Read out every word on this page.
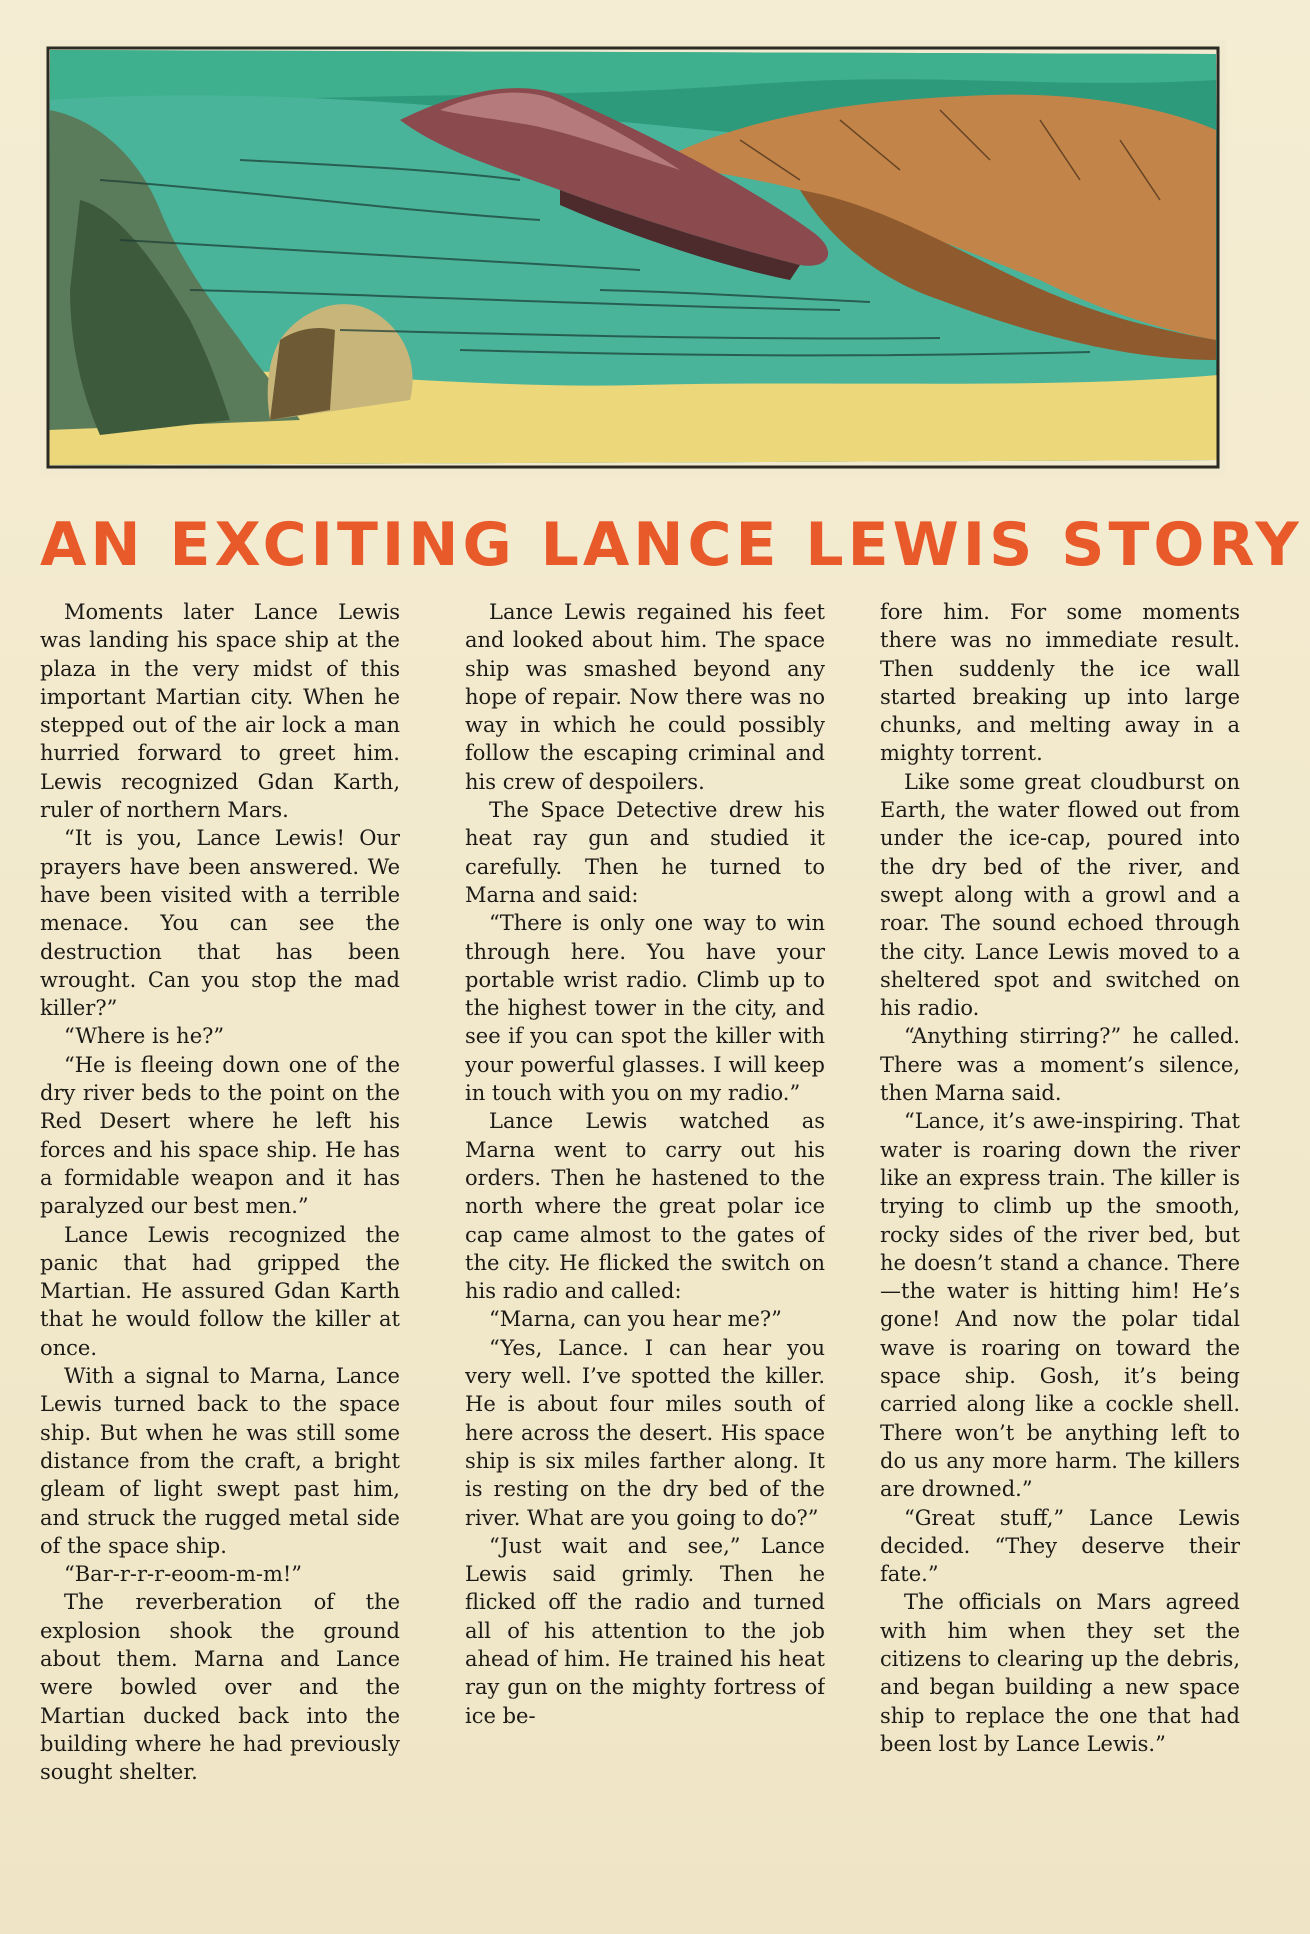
AN EXCITING LANCE LEWIS STORY

Moments later Lance Lewis was landing his space ship at the plaza in the very midst of this important Martian city. When he stepped out of the air lock a man hurried forward to greet him. Lewis recognized Gdan Karth, ruler of northern Mars.

“It is you, Lance Lewis! Our prayers have been answered. We have been visited with a terrible menace. You can see the destruction that has been wrought. Can you stop the mad killer?”

“Where is he?”

“He is fleeing down one of the dry river beds to the point on the Red Desert where he left his forces and his space ship. He has a formidable weapon and it has paralyzed our best men.”

Lance Lewis recognized the panic that had gripped the Martian. He assured Gdan Karth that he would follow the killer at once.

With a signal to Marna, Lance Lewis turned back to the space ship. But when he was still some distance from the craft, a bright gleam of light swept past him, and struck the rugged metal side of the space ship.

“Bar-r-r-r-eoom-m-m!”

The reverberation of the explosion shook the ground about them. Marna and Lance were bowled over and the Martian ducked back into the building where he had previously sought shelter.

Lance Lewis regained his feet and looked about him. The space ship was smashed beyond any hope of repair. Now there was no way in which he could possibly follow the escaping criminal and his crew of despoilers.

The Space Detective drew his heat ray gun and studied it carefully. Then he turned to Marna and said:

“There is only one way to win through here. You have your portable wrist radio. Climb up to the highest tower in the city, and see if you can spot the killer with your powerful glasses. I will keep in touch with you on my radio.”

Lance Lewis watched as Marna went to carry out his orders. Then he hastened to the north where the great polar ice cap came almost to the gates of the city. He flicked the switch on his radio and called:

“Marna, can you hear me?”

“Yes, Lance. I can hear you very well. I’ve spotted the killer. He is about four miles south of here across the desert. His space ship is six miles farther along. It is resting on the dry bed of the river. What are you going to do?”

“Just wait and see,” Lance Lewis said grimly. Then he flicked off the radio and turned all of his attention to the job ahead of him. He trained his heat ray gun on the mighty fortress of ice be-

fore him. For some moments there was no immediate result. Then suddenly the ice wall started breaking up into large chunks, and melting away in a mighty torrent.

Like some great cloudburst on Earth, the water flowed out from under the ice-cap, poured into the dry bed of the river, and swept along with a growl and a roar. The sound echoed through the city. Lance Lewis moved to a sheltered spot and switched on his radio.

“Anything stirring?” he called. There was a moment’s silence, then Marna said.

“Lance, it’s awe-inspiring. That water is roaring down the river like an express train. The killer is trying to climb up the smooth, rocky sides of the river bed, but he doesn’t stand a chance. There—the water is hitting him! He’s gone! And now the polar tidal wave is roaring on toward the space ship. Gosh, it’s being carried along like a cockle shell. There won’t be anything left to do us any more harm. The killers are drowned.”

“Great stuff,” Lance Lewis decided. “They deserve their fate.”

The officials on Mars agreed with him when they set the citizens to clearing up the debris, and began building a new space ship to replace the one that had been lost by Lance Lewis.”
